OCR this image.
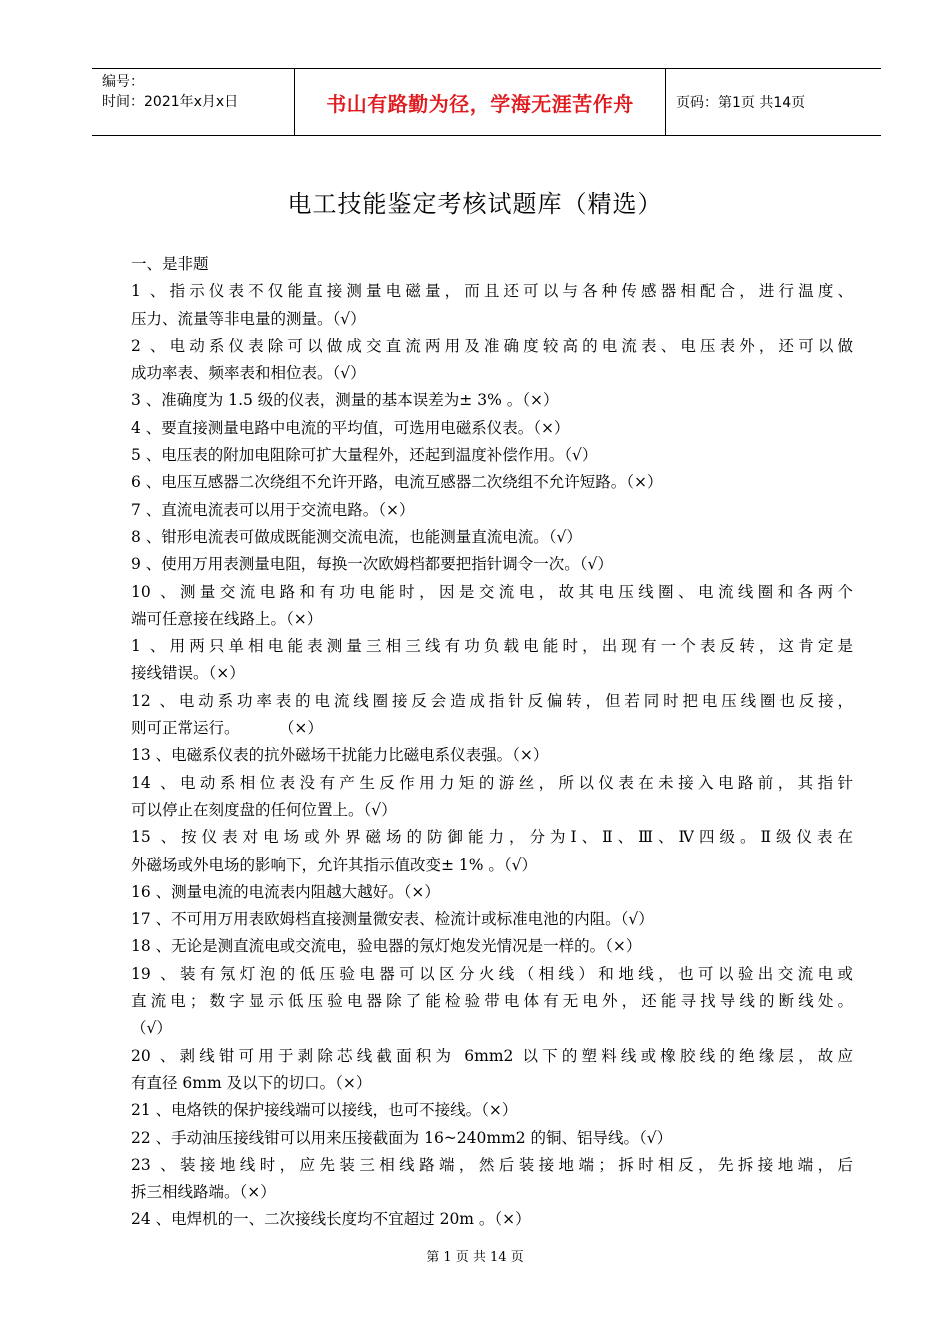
编号：
时间：2021年x月x日	书山有路勤为径，学海无涯苦作舟	页码：第1页 共14页
电工技能鉴定考核试题库（精选）
一、是非题
1 、指示仪表不仅能直接测量电磁量，而且还可以与各种传感器相配合，进行温度、
压力、流量等非电量的测量。（√）
2 、电动系仪表除可以做成交直流两用及准确度较高的电流表、电压表外，还可以做
成功率表、频率表和相位表。（√）
3 、准确度为 1.5 级的仪表，测量的基本误差为± 3% 。（×）
4 、要直接测量电路中电流的平均值，可选用电磁系仪表。（×）
5 、电压表的附加电阻除可扩大量程外，还起到温度补偿作用。（√）
6 、电压互感器二次绕组不允许开路，电流互感器二次绕组不允许短路。（×）
7 、直流电流表可以用于交流电路。（×）
8 、钳形电流表可做成既能测交流电流，也能测量直流电流。（√）
9 、使用万用表测量电阻，每换一次欧姆档都要把指针调令一次。（√）
10 、测量交流电路和有功电能时，因是交流电，故其电压线圈、电流线圈和各两个
端可任意接在线路上。（×）
1 、用两只单相电能表测量三相三线有功负载电能时，出现有一个表反转，这肯定是
接线错误。（×）
12 、电动系功率表的电流线圈接反会造成指针反偏转，但若同时把电压线圈也反接，
则可正常运行。        （×）
13 、电磁系仪表的抗外磁场干扰能力比磁电系仪表强。（×）
14 、电动系相位表没有产生反作用力矩的游丝，所以仪表在未接入电路前，其指针
可以停止在刻度盘的任何位置上。（√）
15 、按仪表对电场或外界磁场的防御能力，分为Ⅰ、Ⅱ、Ⅲ、Ⅳ四级。Ⅱ级仪表在
外磁场或外电场的影响下，允许其指示值改变± 1% 。（√）
16 、测量电流的电流表内阻越大越好。（×）
17 、不可用万用表欧姆档直接测量微安表、检流计或标准电池的内阻。（√）
18 、无论是测直流电或交流电，验电器的氖灯炮发光情况是一样的。（×）
19 、装有氖灯泡的低压验电器可以区分火线（相线）和地线，也可以验出交流电或
直流电；数字显示低压验电器除了能检验带电体有无电外，还能寻找导线的断线处。
（√）
20 、剥线钳可用于剥除芯线截面积为 6mm2 以下的塑料线或橡胶线的绝缘层，故应
有直径 6mm 及以下的切口。（×）
21 、电烙铁的保护接线端可以接线，也可不接线。（×）
22 、手动油压接线钳可以用来压接截面为 16~240mm2 的铜、铝导线。（√）
23 、装接地线时，应先装三相线路端，然后装接地端；拆时相反，先拆接地端，后
拆三相线路端。（×）
24 、电焊机的一、二次接线长度均不宜超过 20m 。（×）
第 1 页 共 14 页
